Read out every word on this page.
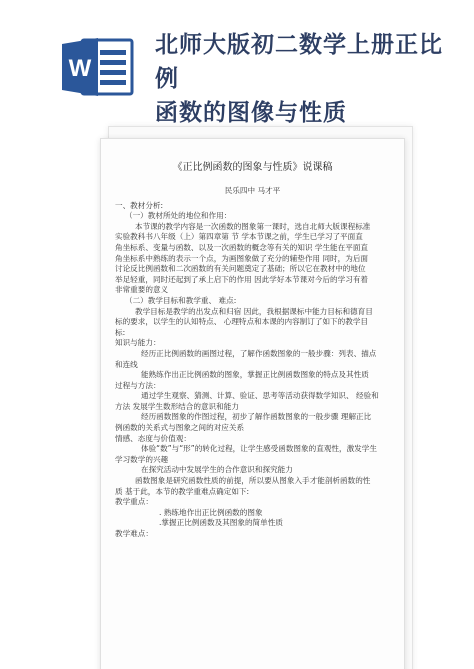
W
北师大版初二数学上册正比例
函数的图像与性质
《正比例函数的图象与性质》说课稿
民乐四中 马才平
一、教材分析:
（一）教材所处的地位和作用：
本节课的教学内容是一次函数的图象第一课时，选自北师大版课程标准
实验教科书八年级（上）第四章第 节 学本节课之前，学生已学习了平面直
角坐标系、变量与函数、以及一次函数的概念等有关的知识 学生能在平面直
角坐标系中熟练的表示一个点，为画图象做了充分的辅垫作用 同时，为后面
讨论反比例函数和二次函数的有关问题奠定了基础；所以它在教材中的地位
举足轻重，同时还起到了承上启下的作用 因此学好本节课对今后的学习有着
非常重要的意义
（二）教学目标和教学重、 难点:
教学目标是教学的出发点和归宿 因此，我根据课标中能力目标和德育目
标的要求，以学生的认知特点、 心理特点和本课的内容制订了如下的教学目
标:
知识与能力：
经历正比例函数的画图过程，了解作函数图象的一般步骤：列表、描点
和连线
能熟练作出正比例函数的图象，掌握正比例函数图象的特点及其性质
过程与方法：
通过学生观察、猜测、计算、验证、思考等活动获得数学知识、 经验和
方法 发展学生数形结合的意识和能力
经历函数图象的作图过程，初步了解作函数图象的一般步骤 理解正比
例函数的关系式与图象之间的对应关系
情感、态度与价值观：
体验“数”与“形”的转化过程，让学生感受函数图象的直观性，激发学生
学习数学的兴趣
在探究活动中发展学生的合作意识和探究能力
函数图象是研究函数性质的前提，所以要从图象入手才能剖析函数的性
质 基于此，本节的教学重难点确定如下:
教学重点：
. 熟练地作出正比例函数的图象
.掌握正比例函数及其图象的简单性质
教学难点：
